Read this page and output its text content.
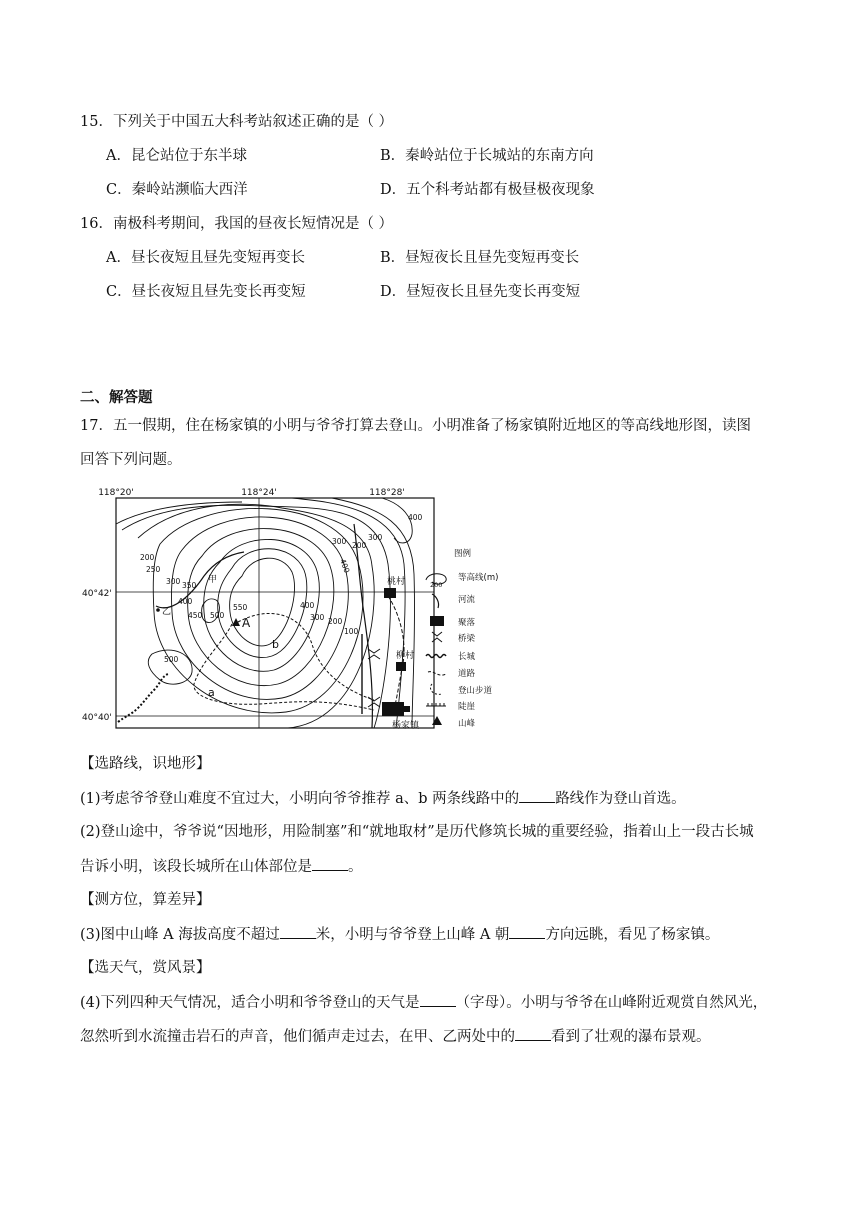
15．下列关于中国五大科考站叙述正确的是（ ）
A．昆仑站位于东半球	B．秦岭站位于长城站的东南方向
C．秦岭站濒临大西洋	D．五个科考站都有极昼极夜现象
16．南极科考期间，我国的昼夜长短情况是（ ）
A．昼长夜短且昼先变短再变长	B．昼短夜长且昼先变短再变长
C．昼长夜短且昼先变长再变短	D．昼短夜长且昼先变长再变短
二、解答题
17．五一假期，住在杨家镇的小明与爷爷打算去登山。小明准备了杨家镇附近地区的等高线地形图，读图
回答下列问题。
118°20'	118°24'	118°28'
40°42'
40°40'
200
250
300 350
400
450 500
550
500
400
300 200
100
400
300
200
300
400
桃村
柳村
杨家镇
A
a
b
甲
乙
图例
200
等高线(m)
河流
聚落
桥梁
长城
道路
登山步道
陡崖
山峰
【选路线，识地形】
(1)考虑爷爷登山难度不宜过大，小明向爷爷推荐 a、b 两条线路中的 路线作为登山首选。
(2)登山途中，爷爷说“因地形，用险制塞”和“就地取材”是历代修筑长城的重要经验，指着山上一段古长城
告诉小明，该段长城所在山体部位是 。
【测方位，算差异】
(3)图中山峰 A 海拔高度不超过 米，小明与爷爷登上山峰 A 朝 方向远眺，看见了杨家镇。
【选天气，赏风景】
(4)下列四种天气情况，适合小明和爷爷登山的天气是 （字母）。小明与爷爷在山峰附近观赏自然风光，
忽然听到水流撞击岩石的声音，他们循声走过去，在甲、乙两处中的 看到了壮观的瀑布景观。
